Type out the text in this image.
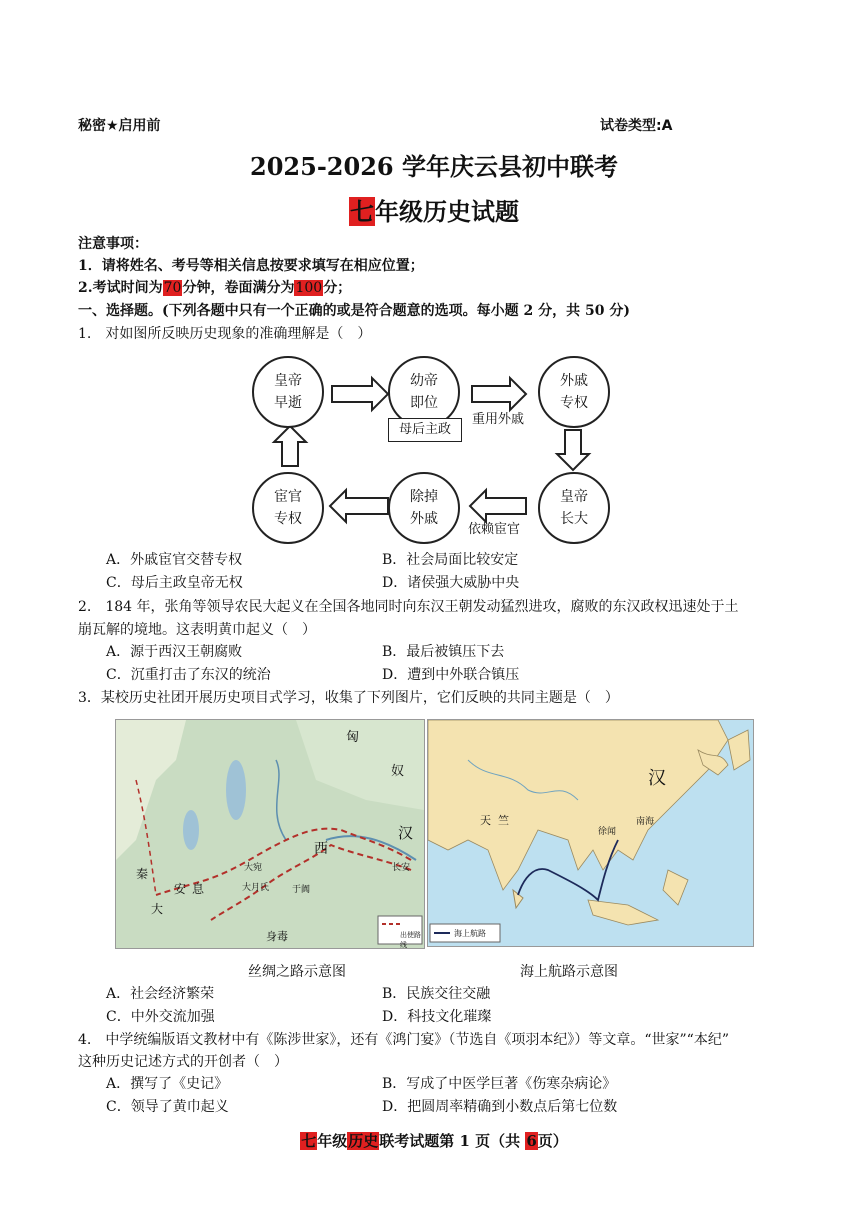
秘密★启用前	试卷类型:A
2025-2026 学年庆云县初中联考
七年级历史试题
注意事项：
1．请将姓名、考号等相关信息按要求填写在相应位置；
2.考试时间为70分钟，卷面满分为100分；
一、选择题。(下列各题中只有一个正确的或是符合题意的选项。每小题 2 分，共 50 分)
1.　对如图所反映历史现象的准确理解是（　）
皇帝
早逝
幼帝
即位
外戚
专权
皇帝
长大
除掉
外戚
宦官
专权
母后主政
重用外戚
依赖宦官
A．外戚宦官交替专权	B．社会局面比较安定
C．母后主政皇帝无权	D．诸侯强大威胁中央
2.　184 年，张角等领导农民大起义在全国各地同时向东汉王朝发动猛烈进攻，腐败的东汉政权迅速处于土
崩瓦解的境地。这表明黄巾起义（　）
A．源于西汉王朝腐败	B．最后被镇压下去
C．沉重打击了东汉的统治	D．遭到中外联合镇压
3．某校历史社团开展历史项目式学习，收集了下列图片，它们反映的共同主题是（　）
匈
奴
汉
长安
安息
秦
大
西
身毒
大宛
大月氏	于阗
出使路线
汉
天 竺	南海
徐闻
海上航路
丝绸之路示意图	海上航路示意图
A．社会经济繁荣	B．民族交往交融
C．中外交流加强	D．科技文化璀璨
4.　中学统编版语文教材中有《陈涉世家》，还有《鸿门宴》（节选自《项羽本纪》）等文章。“世家”“本纪”
这种历史记述方式的开创者（　）
A．撰写了《史记》	B．写成了中医学巨著《伤寒杂病论》
C．领导了黄巾起义	D．把圆周率精确到小数点后第七位数
七年级历史联考试题第 1 页（共 6页）
